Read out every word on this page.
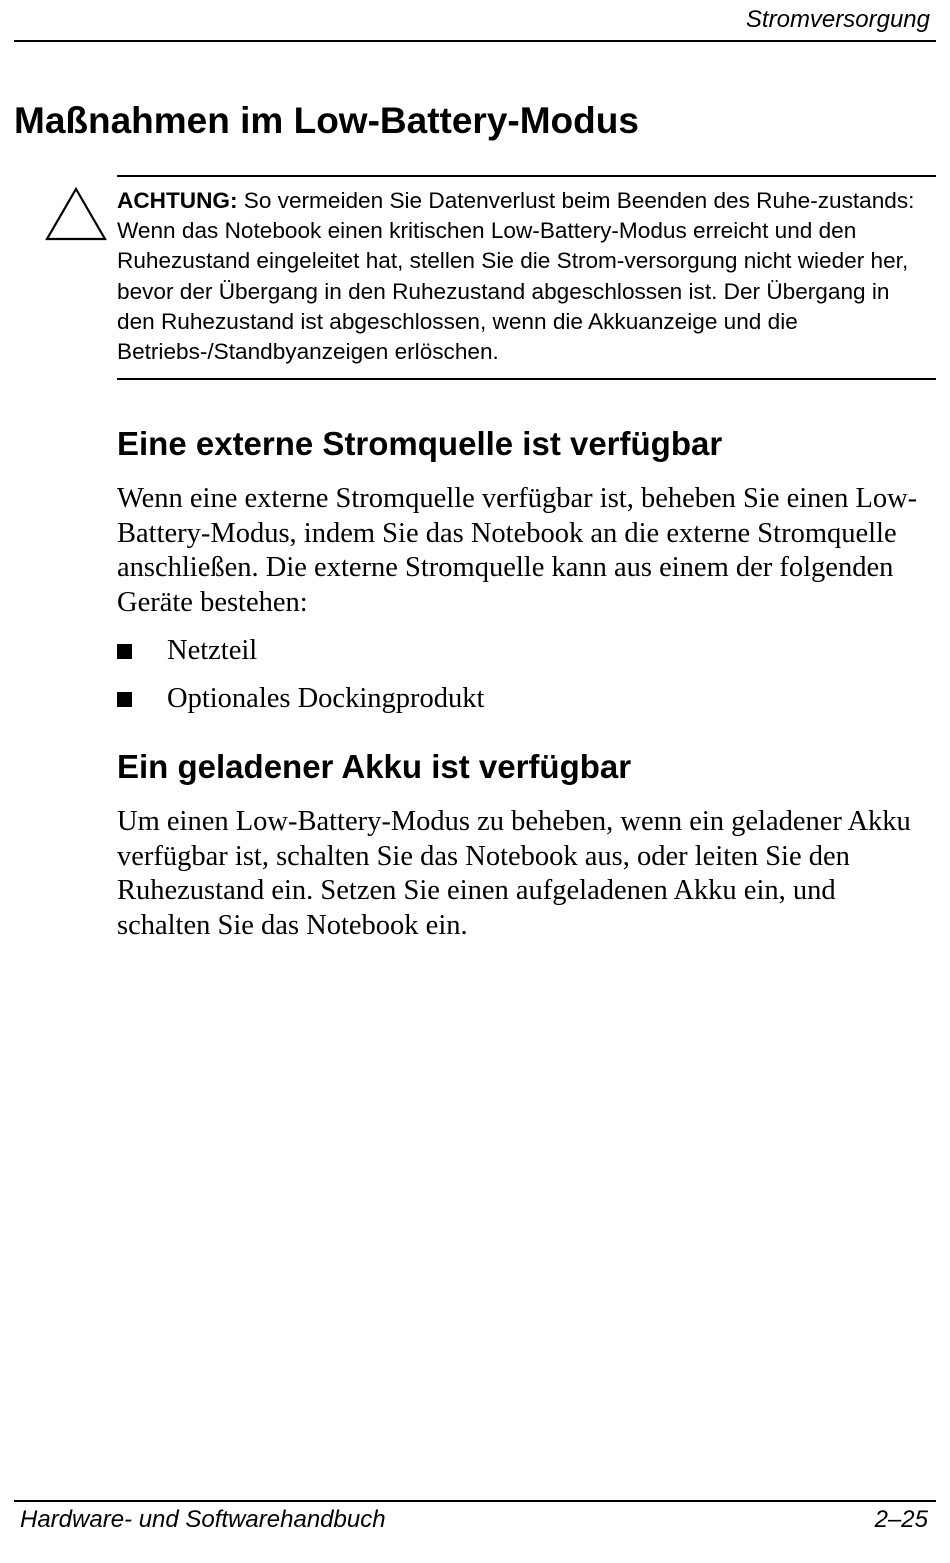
Stromversorgung
Maßnahmen im Low-Battery-Modus

ACHTUNG: So vermeiden Sie Datenverlust beim Beenden des Ruhe-zustands: Wenn das Notebook einen kritischen Low-Battery-Modus erreicht und den Ruhezustand eingeleitet hat, stellen Sie die Strom-versorgung nicht wieder her, bevor der Übergang in den Ruhezustand abgeschlossen ist. Der Übergang in den Ruhezustand ist abgeschlossen, wenn die Akkuanzeige und die Betriebs-/Standbyanzeigen erlöschen.

Eine externe Stromquelle ist verfügbar

Wenn eine externe Stromquelle verfügbar ist, beheben Sie einen Low-Battery-Modus, indem Sie das Notebook an die externe Stromquelle anschließen. Die externe Stromquelle kann aus einem der folgenden Geräte bestehen:

Netzteil
Optionales Dockingprodukt
Ein geladener Akku ist verfügbar

Um einen Low-Battery-Modus zu beheben, wenn ein geladener Akku verfügbar ist, schalten Sie das Notebook aus, oder leiten Sie den Ruhezustand ein. Setzen Sie einen aufgeladenen Akku ein, und schalten Sie das Notebook ein.

Hardware- und Softwarehandbuch	2–25
